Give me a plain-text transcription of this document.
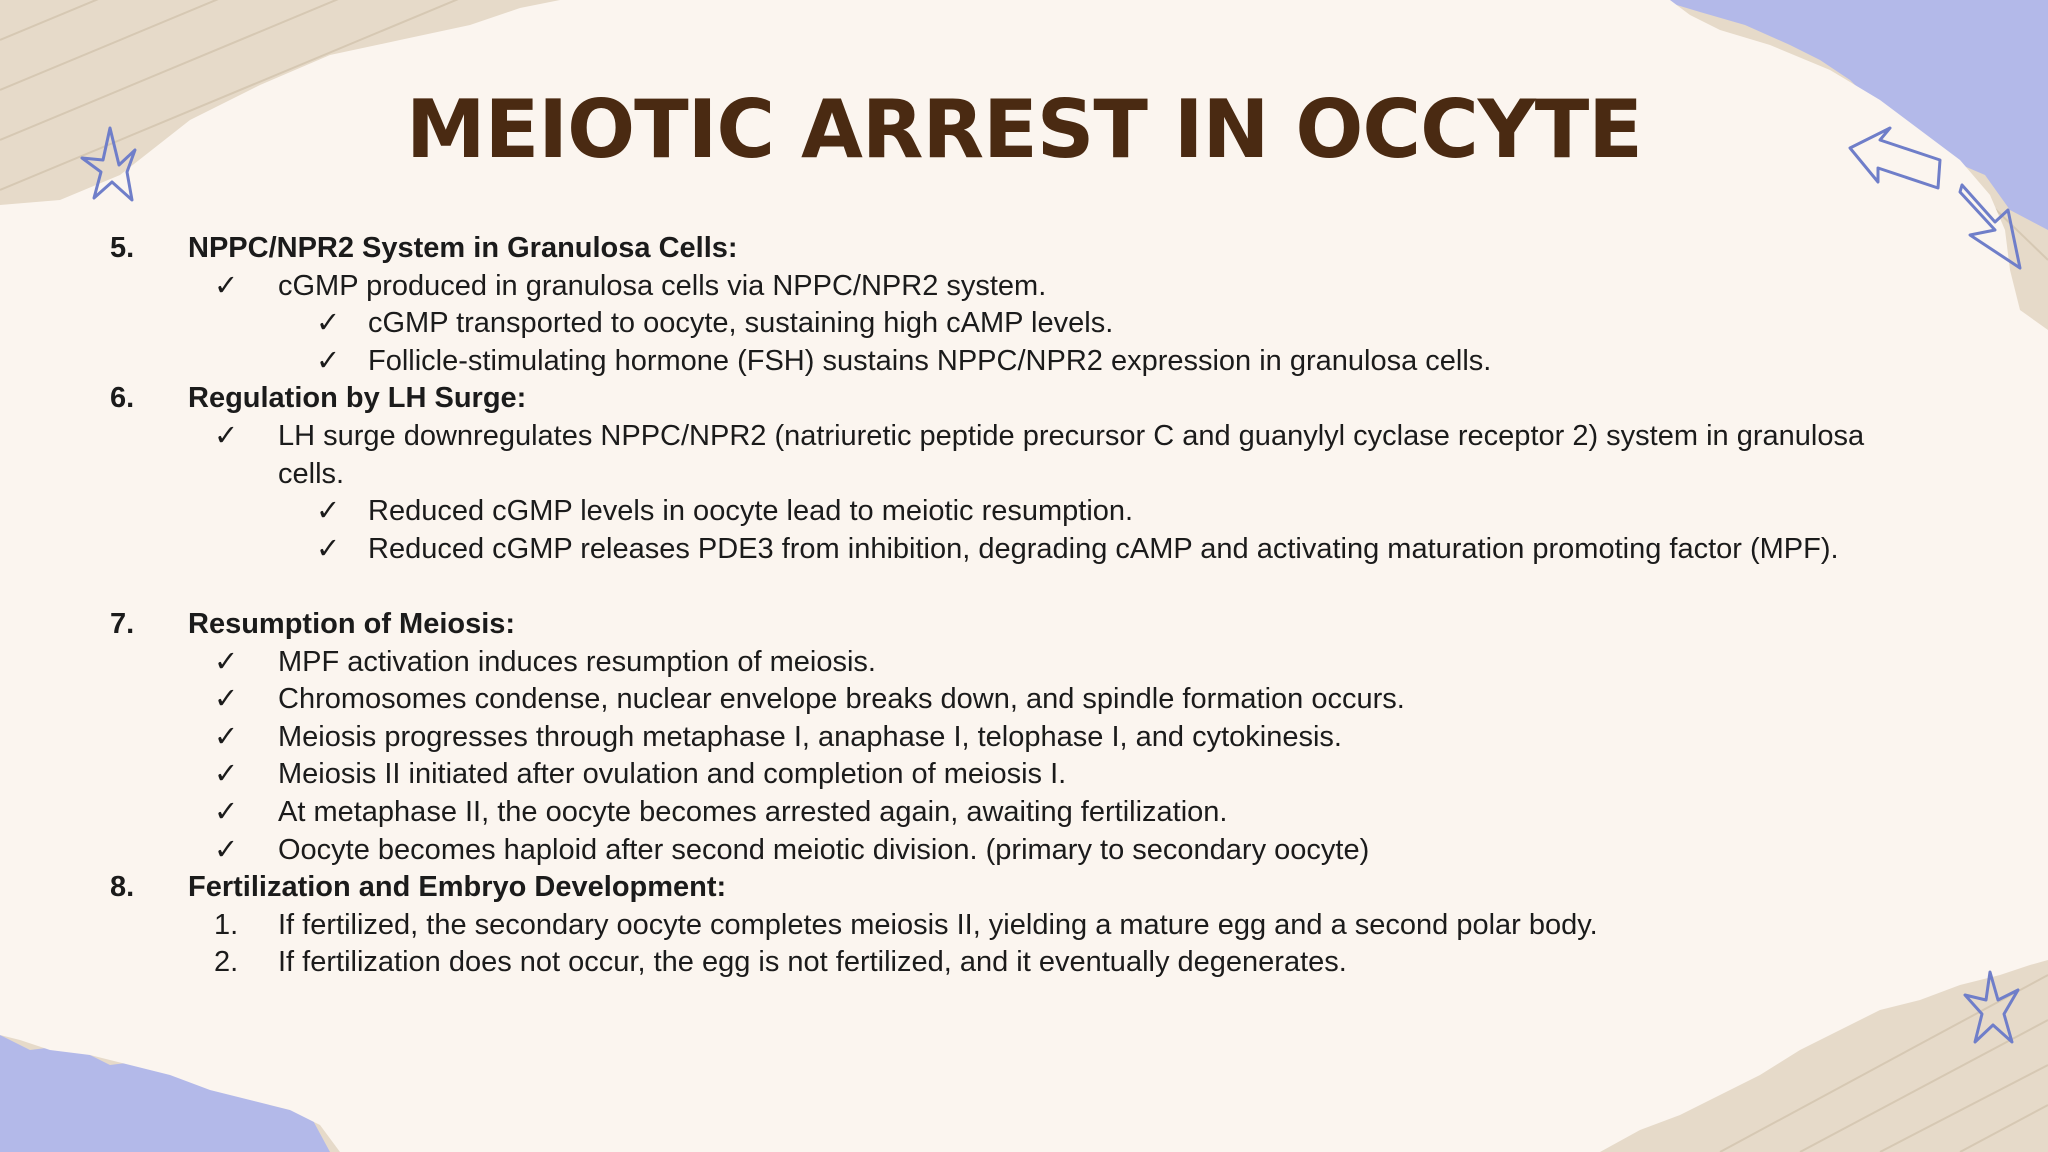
MEIOTIC ARREST IN OCCYTE
5. NPPC/NPR2 System in Granulosa Cells:
✓ cGMP produced in granulosa cells via NPPC/NPR2 system.
✓ cGMP transported to oocyte, sustaining high cAMP levels.
✓ Follicle-stimulating hormone (FSH) sustains NPPC/NPR2 expression in granulosa cells.
6. Regulation by LH Surge:
✓ LH surge downregulates NPPC/NPR2 (natriuretic peptide precursor C and guanylyl cyclase receptor 2) system in granulosa cells.
✓ Reduced cGMP levels in oocyte lead to meiotic resumption.
✓ Reduced cGMP releases PDE3 from inhibition, degrading cAMP and activating maturation promoting factor (MPF).
7. Resumption of Meiosis:
✓ MPF activation induces resumption of meiosis.
✓ Chromosomes condense, nuclear envelope breaks down, and spindle formation occurs.
✓ Meiosis progresses through metaphase I, anaphase I, telophase I, and cytokinesis.
✓ Meiosis II initiated after ovulation and completion of meiosis I.
✓ At metaphase II, the oocyte becomes arrested again, awaiting fertilization.
✓ Oocyte becomes haploid after second meiotic division. (primary to secondary oocyte)
8. Fertilization and Embryo Development:
1. If fertilized, the secondary oocyte completes meiosis II, yielding a mature egg and a second polar body.
2. If fertilization does not occur, the egg is not fertilized, and it eventually degenerates.
